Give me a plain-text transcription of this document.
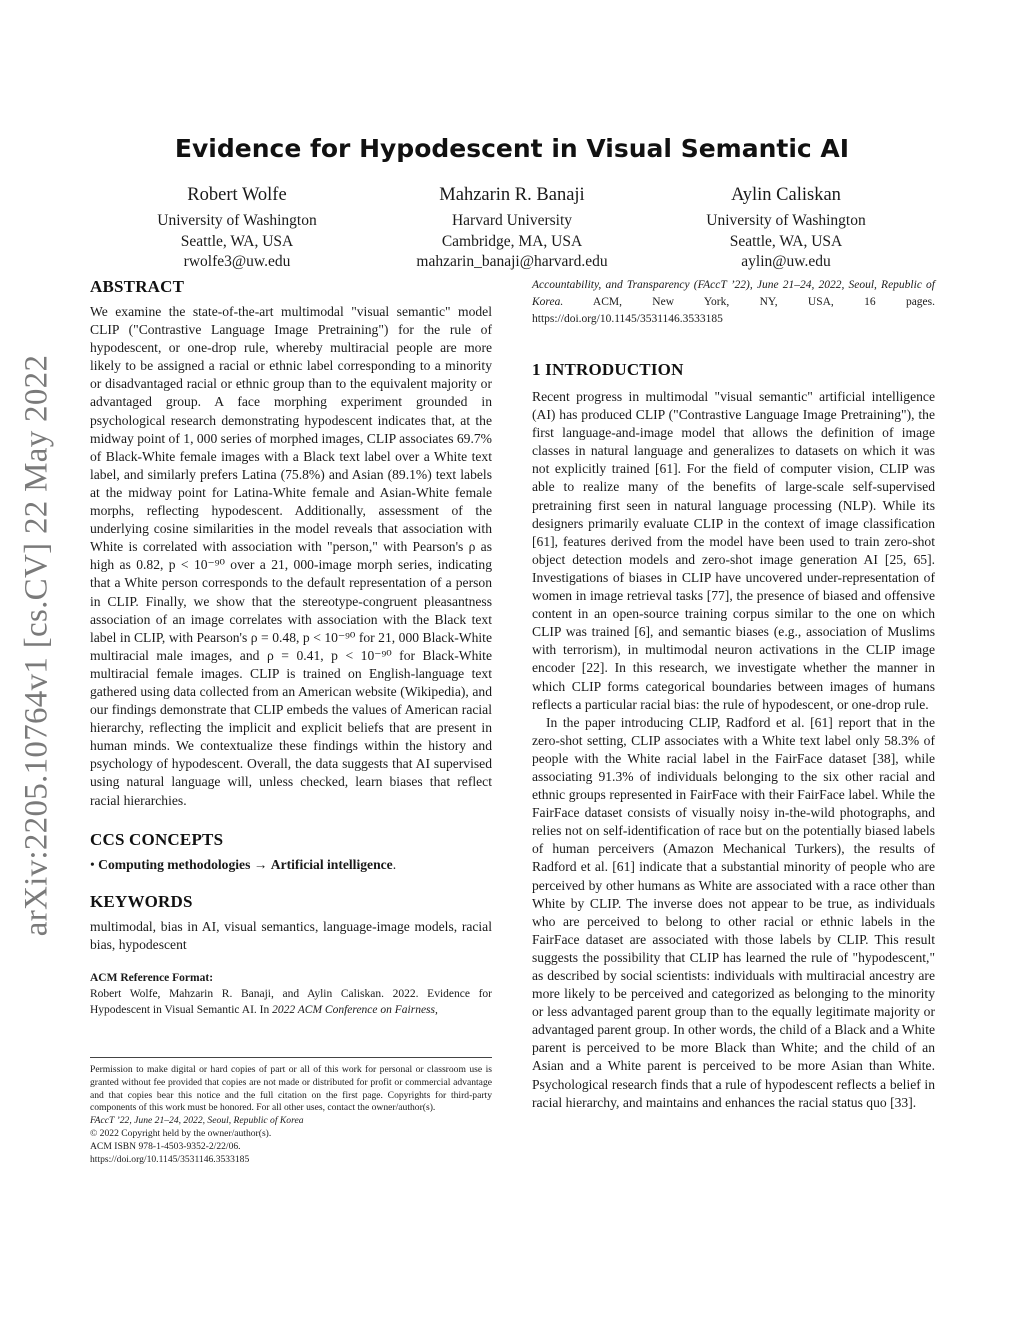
arXiv:2205.10764v1 [cs.CV] 22 May 2022
Evidence for Hypodescent in Visual Semantic AI
Robert Wolfe
University of Washington
Seattle, WA, USA
rwolfe3@uw.edu
Mahzarin R. Banaji
Harvard University
Cambridge, MA, USA
mahzarin_banaji@harvard.edu
Aylin Caliskan
University of Washington
Seattle, WA, USA
aylin@uw.edu
ABSTRACT

We examine the state-of-the-art multimodal "visual semantic" model CLIP ("Contrastive Language Image Pretraining") for the rule of hypodescent, or one-drop rule, whereby multiracial people are more likely to be assigned a racial or ethnic label corresponding to a minority or disadvantaged racial or ethnic group than to the equivalent majority or advantaged group. A face morphing experiment grounded in psychological research demonstrating hypodescent indicates that, at the midway point of 1, 000 series of morphed images, CLIP associates 69.7% of Black-White female images with a Black text label over a White text label, and similarly prefers Latina (75.8%) and Asian (89.1%) text labels at the midway point for Latina-White female and Asian-White female morphs, reflecting hypodescent. Additionally, assessment of the underlying cosine similarities in the model reveals that association with White is correlated with association with "person," with Pearson's ρ as high as 0.82, p < 10⁻⁹⁰ over a 21, 000-image morph series, indicating that a White person corresponds to the default representation of a person in CLIP. Finally, we show that the stereotype-congruent pleasantness association of an image correlates with association with the Black text label in CLIP, with Pearson's ρ = 0.48, p < 10⁻⁹⁰ for 21, 000 Black-White multiracial male images, and ρ = 0.41, p < 10⁻⁹⁰ for Black-White multiracial female images. CLIP is trained on English-language text gathered using data collected from an American website (Wikipedia), and our findings demonstrate that CLIP embeds the values of American racial hierarchy, reflecting the implicit and explicit beliefs that are present in human minds. We contextualize these findings within the history and psychology of hypodescent. Overall, the data suggests that AI supervised using natural language will, unless checked, learn biases that reflect racial hierarchies.

CCS CONCEPTS

• Computing methodologies → Artificial intelligence.

KEYWORDS

multimodal, bias in AI, visual semantics, language-image models, racial bias, hypodescent

ACM Reference Format:

Robert Wolfe, Mahzarin R. Banaji, and Aylin Caliskan. 2022. Evidence for Hypodescent in Visual Semantic AI. In 2022 ACM Conference on Fairness,

Permission to make digital or hard copies of part or all of this work for personal or classroom use is granted without fee provided that copies are not made or distributed for profit or commercial advantage and that copies bear this notice and the full citation on the first page. Copyrights for third-party components of this work must be honored. For all other uses, contact the owner/author(s).
FAccT ’22, June 21–24, 2022, Seoul, Republic of Korea
© 2022 Copyright held by the owner/author(s).
ACM ISBN 978-1-4503-9352-2/22/06.
https://doi.org/10.1145/3531146.3533185

Accountability, and Transparency (FAccT ’22), June 21–24, 2022, Seoul, Republic of Korea. ACM, New York, NY, USA, 16 pages. https://doi.org/10.1145/3531146.3533185

1 INTRODUCTION

Recent progress in multimodal "visual semantic" artificial intelligence (AI) has produced CLIP ("Contrastive Language Image Pretraining"), the first language-and-image model that allows the definition of image classes in natural language and generalizes to datasets on which it was not explicitly trained [61]. For the field of computer vision, CLIP was able to realize many of the benefits of large-scale self-supervised pretraining first seen in natural language processing (NLP). While its designers primarily evaluate CLIP in the context of image classification [61], features derived from the model have been used to train zero-shot object detection models and zero-shot image generation AI [25, 65]. Investigations of biases in CLIP have uncovered under-representation of women in image retrieval tasks [77], the presence of biased and offensive content in an open-source training corpus similar to the one on which CLIP was trained [6], and semantic biases (e.g., association of Muslims with terrorism), in multimodal neuron activations in the CLIP image encoder [22]. In this research, we investigate whether the manner in which CLIP forms categorical boundaries between images of humans reflects a particular racial bias: the rule of hypodescent, or one-drop rule.

In the paper introducing CLIP, Radford et al. [61] report that in the zero-shot setting, CLIP associates with a White text label only 58.3% of people with the White racial label in the FairFace dataset [38], while associating 91.3% of individuals belonging to the six other racial and ethnic groups represented in FairFace with their FairFace label. While the FairFace dataset consists of visually noisy in-the-wild photographs, and relies not on self-identification of race but on the potentially biased labels of human perceivers (Amazon Mechanical Turkers), the results of Radford et al. [61] indicate that a substantial minority of people who are perceived by other humans as White are associated with a race other than White by CLIP. The inverse does not appear to be true, as individuals who are perceived to belong to other racial or ethnic labels in the FairFace dataset are associated with those labels by CLIP. This result suggests the possibility that CLIP has learned the rule of "hypodescent," as described by social scientists: individuals with multiracial ancestry are more likely to be perceived and categorized as belonging to the minority or less advantaged parent group than to the equally legitimate majority or advantaged parent group. In other words, the child of a Black and a White parent is perceived to be more Black than White; and the child of an Asian and a White parent is perceived to be more Asian than White. Psychological research finds that a rule of hypodescent reflects a belief in racial hierarchy, and maintains and enhances the racial status quo [33].
